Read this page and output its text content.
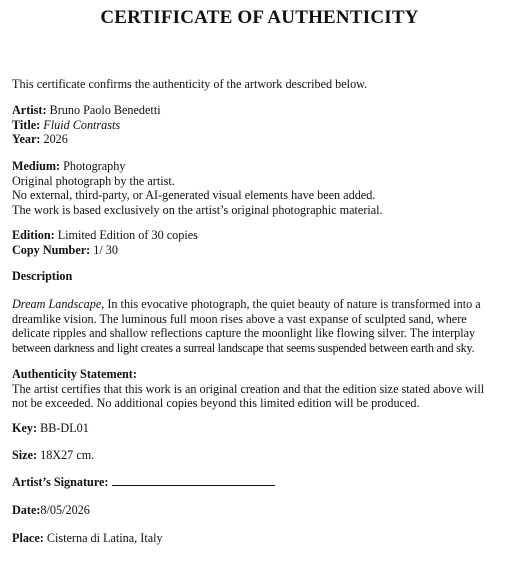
CERTIFICATE OF AUTHENTICITY
This certificate confirms the authenticity of the artwork described below.
Artist: Bruno Paolo Benedetti
Title: Fluid Contrasts
Year: 2026
Medium: Photography
Original photograph by the artist.
No external, third-party, or AI-generated visual elements have been added.
The work is based exclusively on the artist’s original photographic material.
Edition: Limited Edition of 30 copies
Copy Number: 1/ 30
Description
Dream Landscape, In this evocative photograph, the quiet beauty of nature is transformed into a
dreamlike vision. The luminous full moon rises above a vast expanse of sculpted sand, where
delicate ripples and shallow reflections capture the moonlight like flowing silver. The interplay
between darkness and light creates a surreal landscape that seems suspended between earth and sky.
Authenticity Statement:
The artist certifies that this work is an original creation and that the edition size stated above will
not be exceeded. No additional copies beyond this limited edition will be produced.
Key: BB-DL01
Size: 18X27 cm.
Artist’s Signature:
Date:8/05/2026
Place: Cisterna di Latina, Italy
